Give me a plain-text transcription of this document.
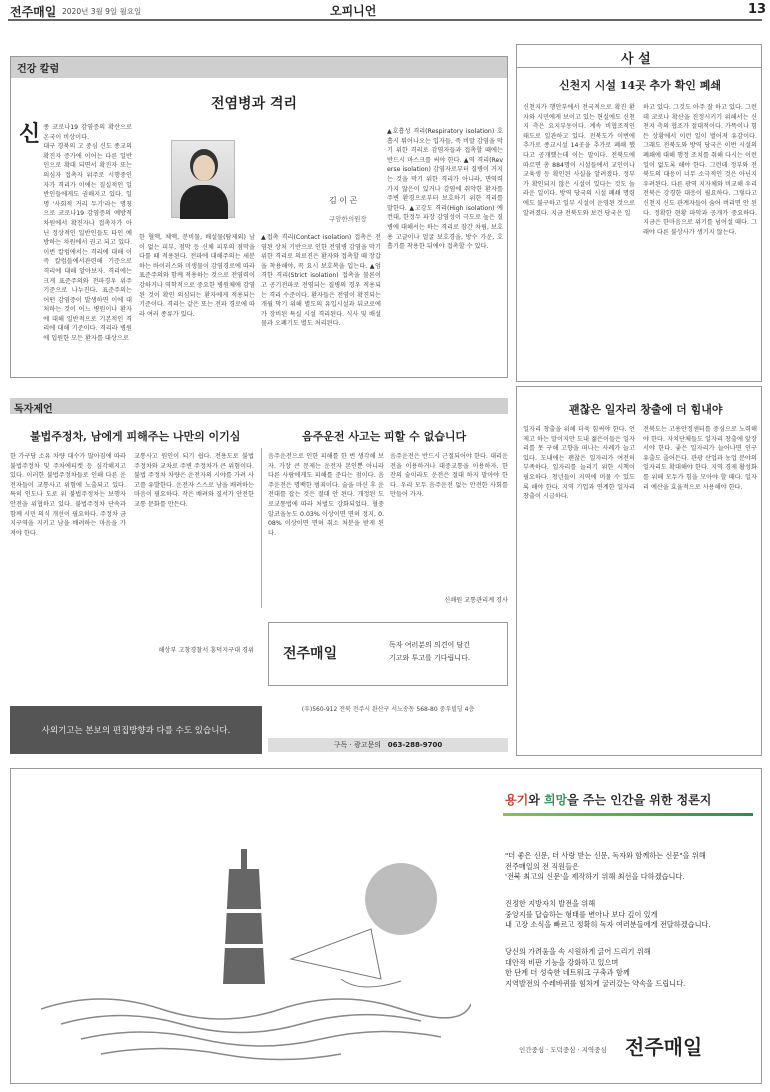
전주매일 2020년 3월 9일 월요일	오피니언	13
건강 칼럼
전염병과 격리
신 종 코로나19 감염증의 확산으로 온국이 비상이다.
대구 경북의 고 중심 신도 종교의 확진자 증가에 이어는 다른 일반인으로 확대 되면서 확진자 또는 의심자 접촉자 위주로 시행중인 자가 격리가 이에는 질실적인 일반인들에게도 권해지고 있다. 일명 '사회적 거리 두기'라는 명칭으로 코로나19 감염증의 예방적 차원에서 확진자나 접촉자가 아닌 정상적인 일반인들도 타인 예방하는 차원에서 권고 되고 있다. 이번 칼럼에서는 격리에 대해 이 즉 칼럼들에서관련해 기준으로 격리에 대해 알아보자. 격리에는 크게 표준주의와 전파경우 위주 기준으로 나누진다. 표준주의는 어떤 감염증이 발생하면 이에 대처하는 것이 어느 병원이나 환자에 대해 일반적으로 기본적인 격리에 대해 기준이다. 격리라 병원에 입원한 모든 환자를 대상으로
김 이 곤
구암한의원장
한 혈액, 체액, 분비물, 배설물(땀제외) 남이 없는 피부, 점막 등 신체 피부의 점막을 다룰 때 적용된다. 전파에 대해주의는 세분하는 바이러스와 미생물이 감염경로에 따라 표준주의와 함께 적용하는 것으로 전염력이 강하거나 역학적으로 중요한 병원체에 감염된 것이 확인 의심되는 환자에게 적용되는 기준이다. 격리는 같은 또는 전파 경로에 따라 여러 종류가 있다.
▲접촉 격리(Contact isolation) 접촉은 전염된 상처 기반으로 인한 전염병 감염을 막기 위한 격리로 의료진은 환자와 접촉할 때 장갑을 착용해야, 꼭 요시 보호복을 입는다. ▲엄격한 격리(Strict isolation) 접촉을 물론이고 공기전파로 전염되는 질병의 경우 적용되는 격리 수준이다. 환자들은 전염이 확진되는 개월 막기 위해 별도의 유입시설과 뒤코로에가 장비된 특실 시설 격리된다. 식사 및 배설물과 오폐기도 별도 처리된다.
▲호흡성 격리(Respiratory isolation) 호흡시 튀어나오는 입자들, 즉 비말 감염을 막기 위한 격리로 감염자들과 접촉할 때에는 반드시 마스크를 써야 한다. ▲역 격리(Reverse isolation) 감염자로부터 질병이 거지는 것을 막기 위한 격리가 아니라, 면역력 가지 않은이 있거나 감염에 취약한 환자를 주변 환경으로부터 보호하기 위한 격리를 말한다. ▲고강도 격리(High isolation) 예컨대, 한정두 파장 감염성이 극도로 높은 질병에 대해서는 하는 격리로 잠간 차림, 보호용 고글이나 얼굴 보호경을, 방수 가운, 호흡기를 착용한 뒤에야 접촉할 수 있다.
사 설
신천지 시설 14곳 추가 확인 폐쇄
신천지가 행안부에서 전국적으로 확진 환자와 시민에게 보이고 있는 현실에도 신천지 측은 요지부동이다. 계속 비협조적인 태도로 일관하고 있다. 전북도가 이번에 추가로 종교시설 14곳을 추가로 폐쇄 했다고 공개했는데 이는 말이다. 전북도에 따르면 총 884명이 시설들에서 교인이나 교육생 등 확인된 사실을 알려졌다. 정부가 확인되지 않은 시설이 있다는 것도 놀라운 일이다. 방역 당국의 시설 폐쇄 명령에도 불구하고 일부 시설이 운영된 것으로 알려졌다. 지금 전북도와 보건 당국은 일
하고 있다. 그것도 아주 잘 하고 있다. 그런데 코로나 확산을 진정시키기 위해서는 신천지 측의 협조가 절대적이다. 가뜩이나 힘든 상황에서 이런 일이 벌어져 유감이다. 그래도 전북도와 방역 당국은 이번 시설의 폐쇄에 대해 행정 조치를 취해 다시는 이런 일이 없도록 해야 한다. 그런데 정부와 전북도의 대응이 너무 소극적인 것은 아닌지 우려된다. 다른 광역 지자체와 비교해 우리 전북은 강경한 대응이 필요하다. 그렇다고 신천지 신도 관계자들이 숨어 버리면 안 된다. 정확한 현황 파악과 공개가 중요하다. 지금은 한마음으로 위기를 넘어설 때다. 그래야 다른 불상사가 생기지 않는다.
독자제언
불법주정차, 남에게 피해주는 나만의 이기심	음주운전 사고는 피할 수 없습니다
한 가구당 소유 차량 대수가 많아짐에 따라 불법주정차 및 주차에티켓 등 심각해지고 있다. 이러한 불법주정차들로 인해 다른 운전자들이 교통사고 위험에 노출되고 있다. 특히 인도나 도로 위 불법주정차는 보행자 안전을 위협하고 있다. 불법주정차 단속과 함께 시민 의식 개선이 필요하다. 주정차 금지구역을 지키고 남을 배려하는 마음을 가져야 한다.
교통사고 원인이 되기 쉽다. 전용도로 불법 주정차와 교차로 주변 주정차가 큰 위험이다. 불법 주정차 차량은 운전자의 시야를 가려 사고를 유발한다. 운전자 스스로 남을 배려하는 마음이 필요하다. 작은 배려와 질서가 안전한 교통 문화를 만든다.
해상부 고창경찰서 흥덕지구대 경위
음주운전으로 인한 피해를 한 번 생각해 보자. 가장 큰 문제는 운전자 본인뿐 아니라 다른 사람에게도 피해를 준다는 점이다. 음주운전은 명백한 범죄이다. 술을 마신 후 운전대를 잡는 것은 절대 안 된다. 개정된 도로교통법에 따라 처벌도 강화되었다. 혈중알코올농도 0.03% 이상이면 면허 정지, 0.08% 이상이면 면허 취소 처분을 받게 된다.
음주운전은 반드시 근절되어야 한다. 대리운전을 이용하거나 대중교통을 이용하자. 한 잔의 술이라도 운전은 절대 하지 말아야 한다. 우리 모두 음주운전 없는 안전한 사회를 만들어 가자.
신쇄원 교통관리계 경사
사외기고는 본보의 편집방향과 다를 수도 있습니다.
전주매일
독자 여러분의 의견이 담긴
기고와 투고를 기다립니다.
(우)560-912 전북 전주시 완산구 서노송동 568-80 중우빌딩 4층
구독 · 광고문의 063-288-9700
괜찮은 일자리 창출에 더 힘내야
일자리 창출을 위해 더욱 힘써야 한다. 언제고 하는 말이지만 도내 젊은이들은 일자리를 못 구해 고향을 떠나는 사례가 늘고 있다. 도내에는 괜찮은 일자리가 여전히 부족하다. 일자리를 늘리기 위한 시책이 필요하다. 청년들이 지역에 머물 수 있도록 해야 한다. 지역 기업과 연계한 일자리 창출이 시급하다.
전북도는 고용안정센터를 중심으로 노력해야 한다. 자치단체들도 일자리 창출에 앞장서야 한다. 좋은 일자리가 늘어나면 인구 유출도 줄어든다. 관광 산업과 농업 분야의 일자리도 확대해야 한다. 지역 경제 활성화를 위해 모두가 힘을 모아야 할 때다. 일자리 예산을 효율적으로 사용해야 한다.
용기와 희망을 주는 인간을 위한 정론지
"더 좋은 신문, 더 사랑 받는 신문, 독자와 함께하는 신문"을 위해
전주매일의 전 직원들은
'전북 최고의 신문'을 제작하기 위해 최선을 다하겠습니다.
진정한 지방자치 발전을 위해
중앙지를 답습하는 형태를 변아나 보다 깊이 있게
내 고장 소식을 빠르고 정확히 독자 여러분들에게 전달하겠습니다.
당신의 가려움을 속 시원하게 긁어 드리기 위해
대안적 비판 기능을 강화하고 있으며
한 단계 더 성숙한 네트워크 구축과 함께
지역발전의 수레바퀴를 힘차게 굴러갔는 약속을 드립니다.
인간중심 · 도덕중심 · 지역중심 전주매일
